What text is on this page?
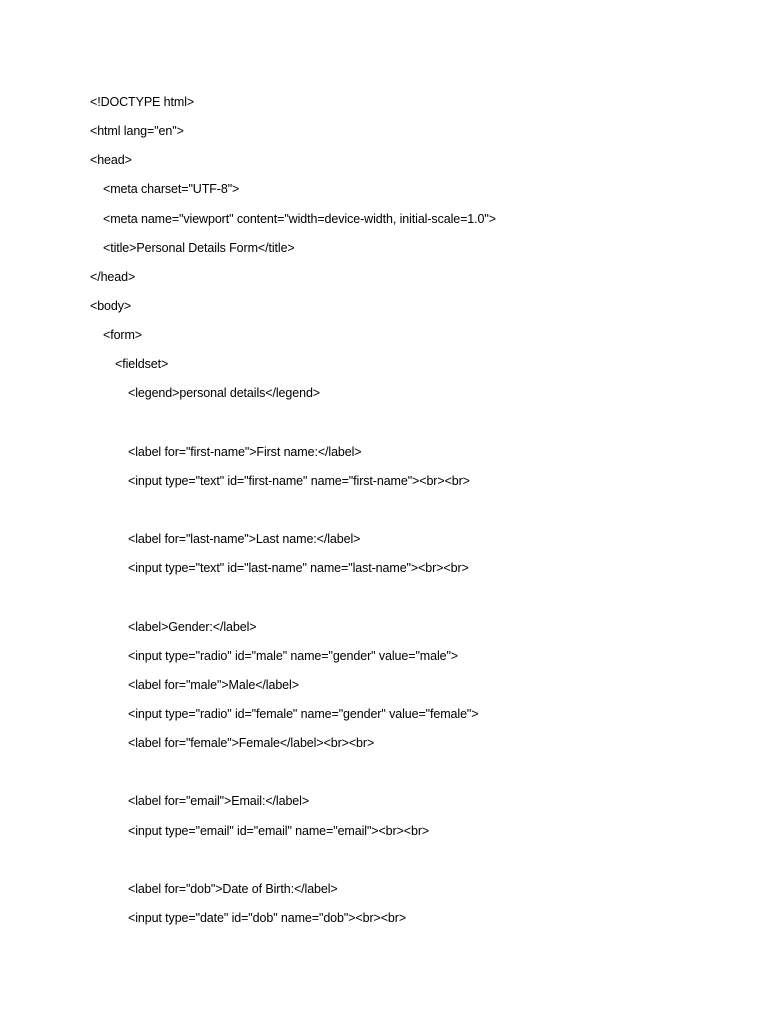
<!DOCTYPE html>
<html lang="en">
<head>
<meta charset="UTF-8">
<meta name="viewport" content="width=device-width, initial-scale=1.0">
<title>Personal Details Form</title>
</head>
<body>
<form>
<fieldset>
<legend>personal details</legend>
<label for="first-name">First name:</label>
<input type="text" id="first-name" name="first-name"><br><br>
<label for="last-name">Last name:</label>
<input type="text" id="last-name" name="last-name"><br><br>
<label>Gender:</label>
<input type="radio" id="male" name="gender" value="male">
<label for="male">Male</label>
<input type="radio" id="female" name="gender" value="female">
<label for="female">Female</label><br><br>
<label for="email">Email:</label>
<input type="email" id="email" name="email"><br><br>
<label for="dob">Date of Birth:</label>
<input type="date" id="dob" name="dob"><br><br>
